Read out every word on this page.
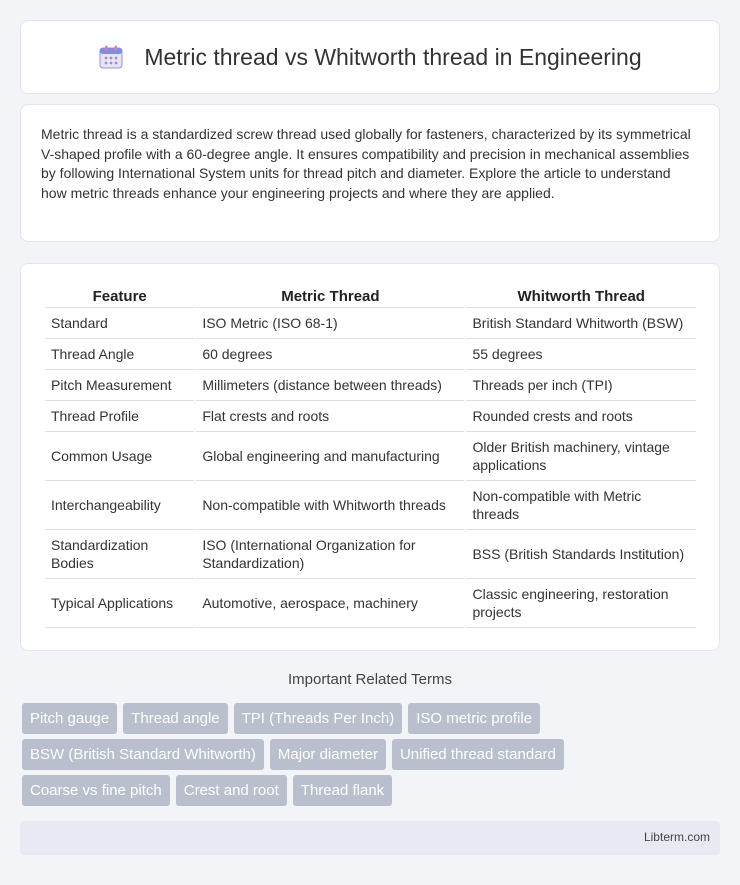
Metric thread vs Whitworth thread in Engineering

Metric thread is a standardized screw thread used globally for fasteners, characterized by its symmetrical V-shaped profile with a 60-degree angle. It ensures compatibility and precision in mechanical assemblies by following International System units for thread pitch and diameter. Explore the article to understand how metric threads enhance your engineering projects and where they are applied.

Feature	Metric Thread	Whitworth Thread
Standard	ISO Metric (ISO 68-1)	British Standard Whitworth (BSW)
Thread Angle	60 degrees	55 degrees
Pitch Measurement	Millimeters (distance between threads)	Threads per inch (TPI)
Thread Profile	Flat crests and roots	Rounded crests and roots
Common Usage	Global engineering and manufacturing	Older British machinery, vintage applications
Interchangeability	Non-compatible with Whitworth threads	Non-compatible with Metric threads
Standardization Bodies	ISO (International Organization for Standardization)	BSS (British Standards Institution)
Typical Applications	Automotive, aerospace, machinery	Classic engineering, restoration projects
Important Related Terms
Pitch gauge	Thread angle	TPI (Threads Per Inch)	ISO metric profile
BSW (British Standard Whitworth)	Major diameter	Unified thread standard
Coarse vs fine pitch	Crest and root	Thread flank
Libterm.com
